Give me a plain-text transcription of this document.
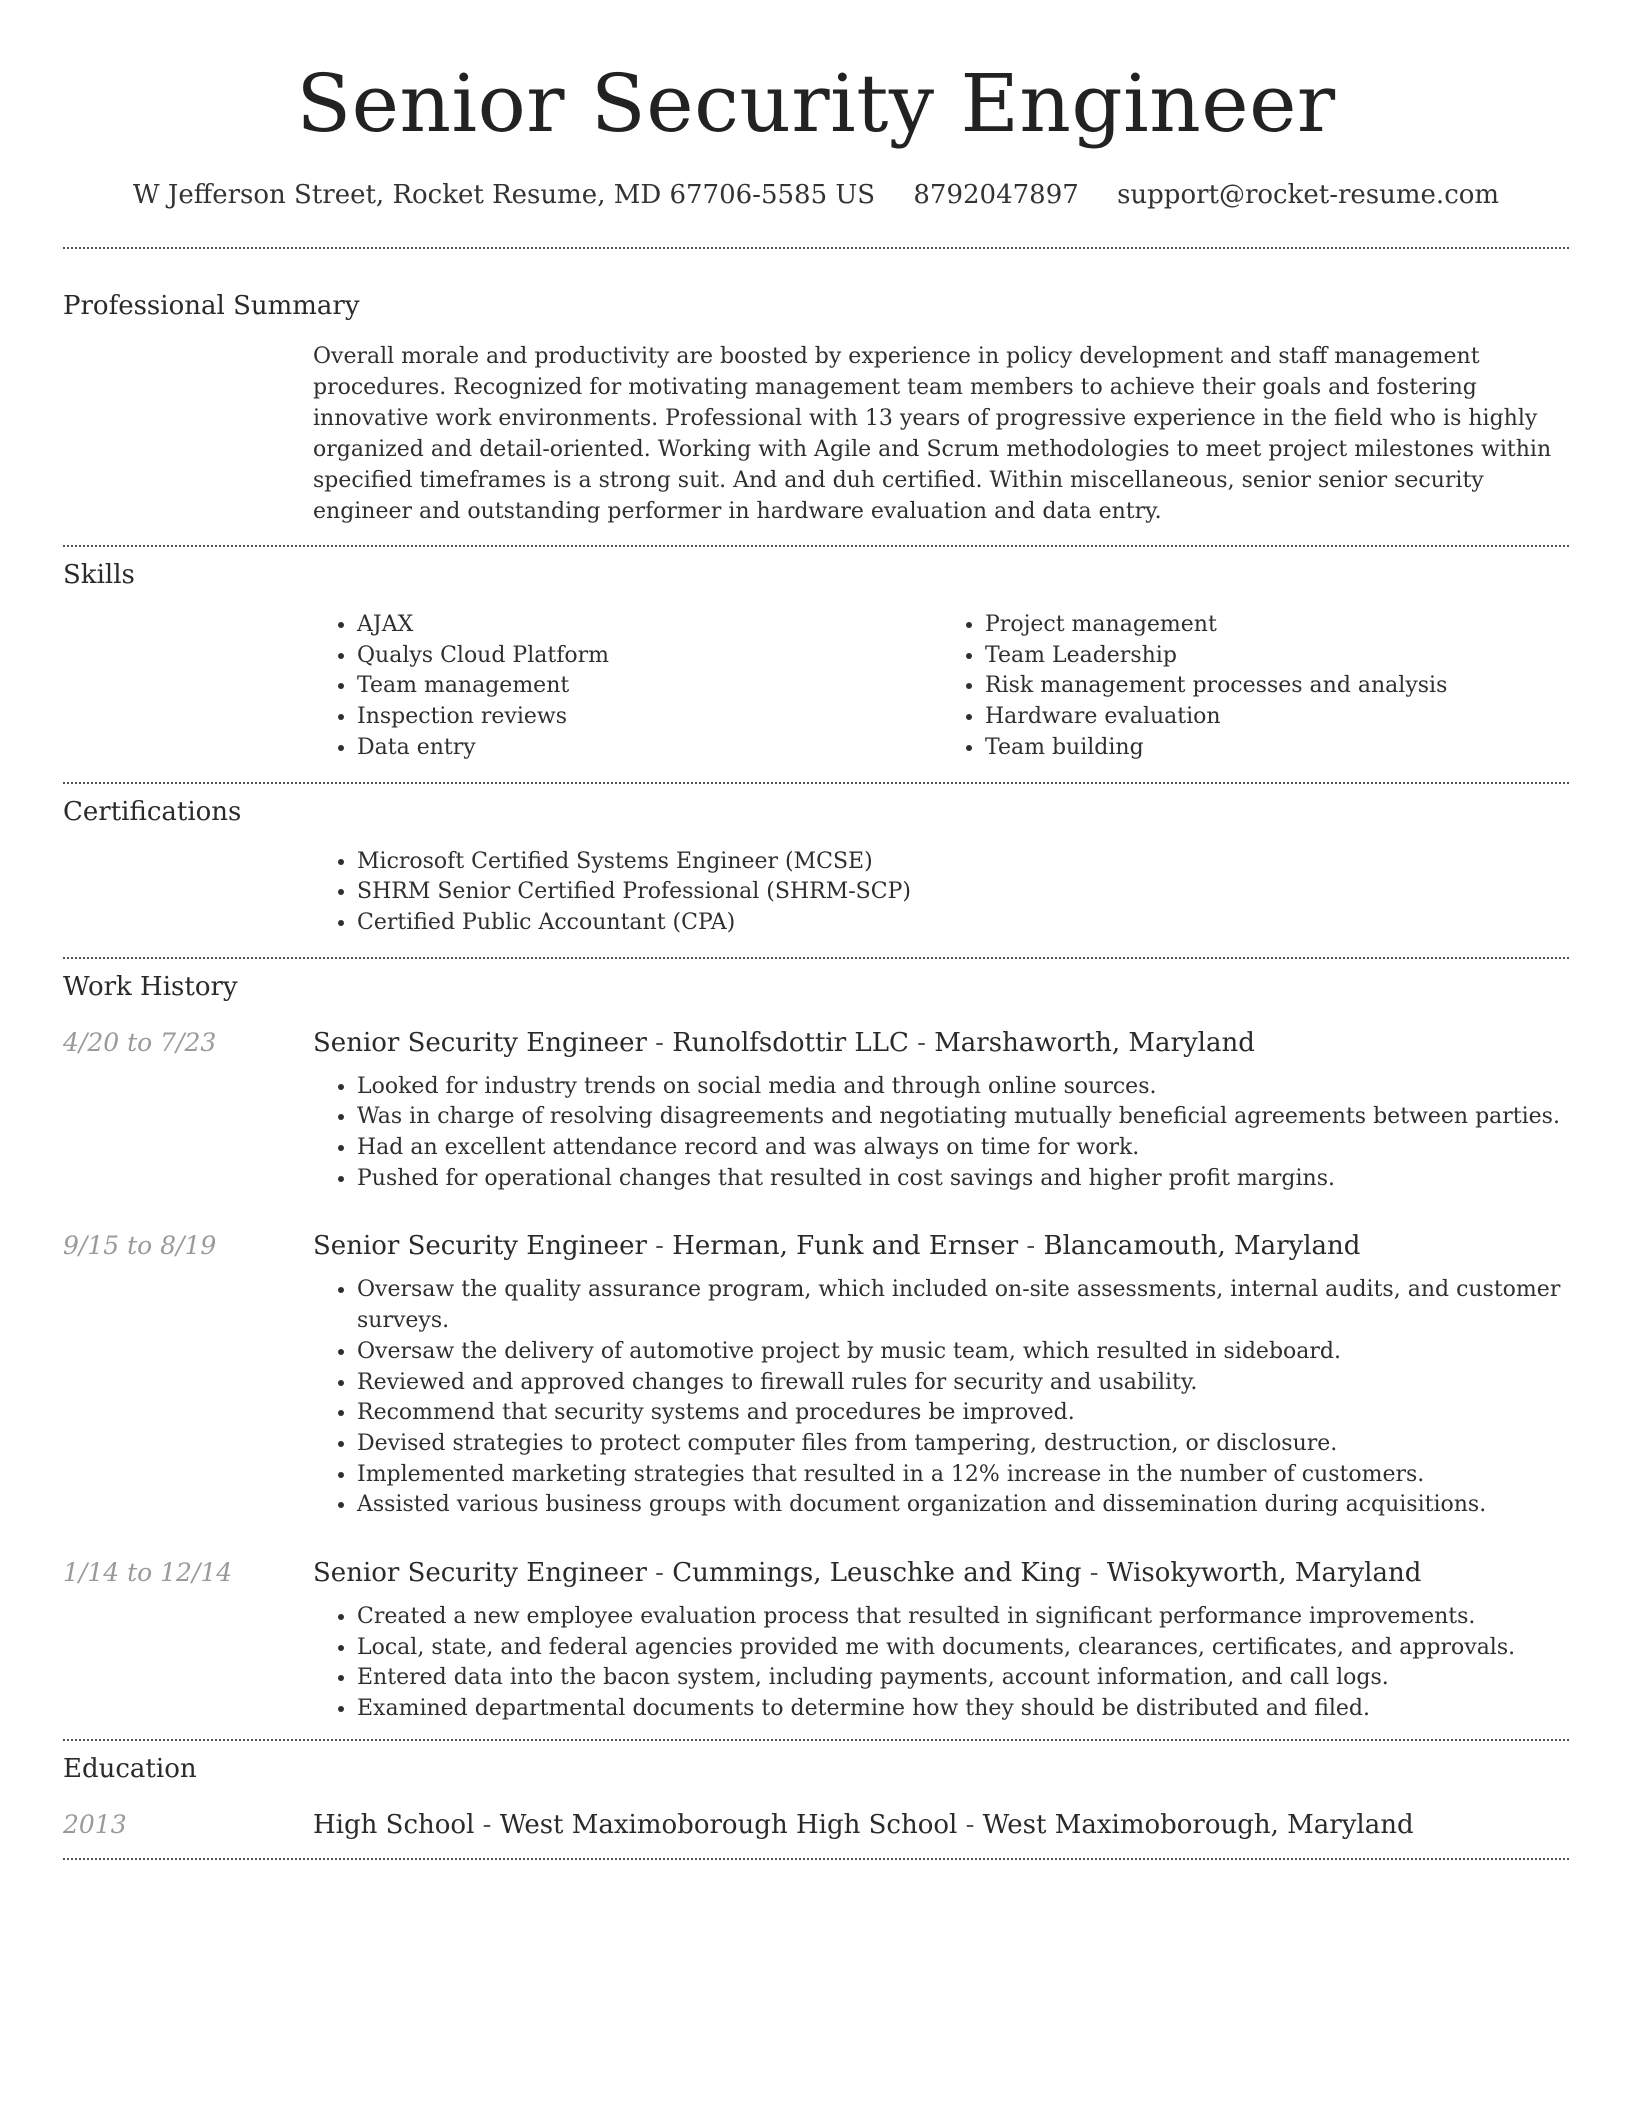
Senior Security Engineer
W Jefferson Street, Rocket Resume, MD 67706-5585 US 8792047897 support@rocket-resume.com
Professional Summary

Overall morale and productivity are boosted by experience in policy development and staff management procedures. Recognized for motivating management team members to achieve their goals and fostering innovative work environments. Professional with 13 years of progressive experience in the field who is highly organized and detail-oriented. Working with Agile and Scrum methodologies to meet project milestones within specified timeframes is a strong suit. And and duh certified. Within miscellaneous, senior senior security engineer and outstanding performer in hardware evaluation and data entry.

Skills
• AJAX
• Qualys Cloud Platform
• Team management
• Inspection reviews
• Data entry
• Project management
• Team Leadership
• Risk management processes and analysis
• Hardware evaluation
• Team building
Certifications
• Microsoft Certified Systems Engineer (MCSE)
• SHRM Senior Certified Professional (SHRM-SCP)
• Certified Public Accountant (CPA)
Work History
4/20 to 7/23	Senior Security Engineer - Runolfsdottir LLC - Marshaworth, Maryland
• Looked for industry trends on social media and through online sources.
• Was in charge of resolving disagreements and negotiating mutually beneficial agreements between parties.
• Had an excellent attendance record and was always on time for work.
• Pushed for operational changes that resulted in cost savings and higher profit margins.
9/15 to 8/19	Senior Security Engineer - Herman, Funk and Ernser - Blancamouth, Maryland
• Oversaw the quality assurance program, which included on-site assessments, internal audits, and customer surveys.
• Oversaw the delivery of automotive project by music team, which resulted in sideboard.
• Reviewed and approved changes to firewall rules for security and usability.
• Recommend that security systems and procedures be improved.
• Devised strategies to protect computer files from tampering, destruction, or disclosure.
• Implemented marketing strategies that resulted in a 12% increase in the number of customers.
• Assisted various business groups with document organization and dissemination during acquisitions.
1/14 to 12/14	Senior Security Engineer - Cummings, Leuschke and King - Wisokyworth, Maryland
• Created a new employee evaluation process that resulted in significant performance improvements.
• Local, state, and federal agencies provided me with documents, clearances, certificates, and approvals.
• Entered data into the bacon system, including payments, account information, and call logs.
• Examined departmental documents to determine how they should be distributed and filed.
Education
2013	High School - West Maximoborough High School - West Maximoborough, Maryland
